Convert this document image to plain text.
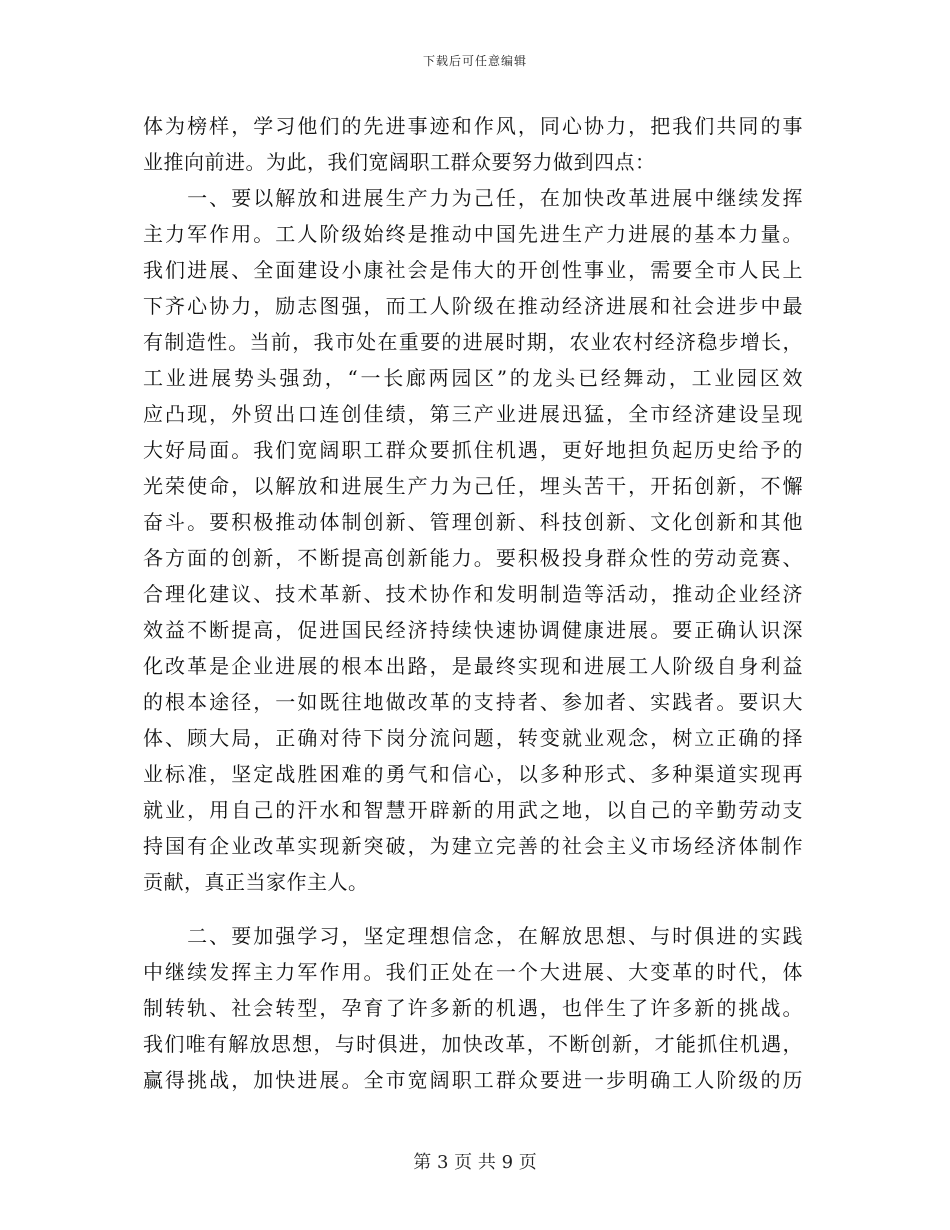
下载后可任意编辑
体为榜样，学习他们的先进事迹和作风，同心协力，把我们共同的事
业推向前进。为此，我们宽阔职工群众要努力做到四点：
　　一、要以解放和进展生产力为己任，在加快改革进展中继续发挥
主力军作用。工人阶级始终是推动中国先进生产力进展的基本力量。
我们进展、全面建设小康社会是伟大的开创性事业，需要全市人民上
下齐心协力，励志图强，而工人阶级在推动经济进展和社会进步中最
有制造性。当前，我市处在重要的进展时期，农业农村经济稳步增长，
工业进展势头强劲，“一长廊两园区”的龙头已经舞动，工业园区效
应凸现，外贸出口连创佳绩，第三产业进展迅猛，全市经济建设呈现
大好局面。我们宽阔职工群众要抓住机遇，更好地担负起历史给予的
光荣使命，以解放和进展生产力为己任，埋头苦干，开拓创新，不懈
奋斗。要积极推动体制创新、管理创新、科技创新、文化创新和其他
各方面的创新，不断提高创新能力。要积极投身群众性的劳动竞赛、
合理化建议、技术革新、技术协作和发明制造等活动，推动企业经济
效益不断提高，促进国民经济持续快速协调健康进展。要正确认识深
化改革是企业进展的根本出路，是最终实现和进展工人阶级自身利益
的根本途径，一如既往地做改革的支持者、参加者、实践者。要识大
体、顾大局，正确对待下岗分流问题，转变就业观念，树立正确的择
业标准，坚定战胜困难的勇气和信心，以多种形式、多种渠道实现再
就业，用自己的汗水和智慧开辟新的用武之地，以自己的辛勤劳动支
持国有企业改革实现新突破，为建立完善的社会主义市场经济体制作
贡献，真正当家作主人。
　　二、要加强学习，坚定理想信念，在解放思想、与时俱进的实践
中继续发挥主力军作用。我们正处在一个大进展、大变革的时代，体
制转轨、社会转型，孕育了许多新的机遇，也伴生了许多新的挑战。
我们唯有解放思想，与时俱进，加快改革，不断创新，才能抓住机遇，
赢得挑战，加快进展。全市宽阔职工群众要进一步明确工人阶级的历
第 3 页 共 9 页
